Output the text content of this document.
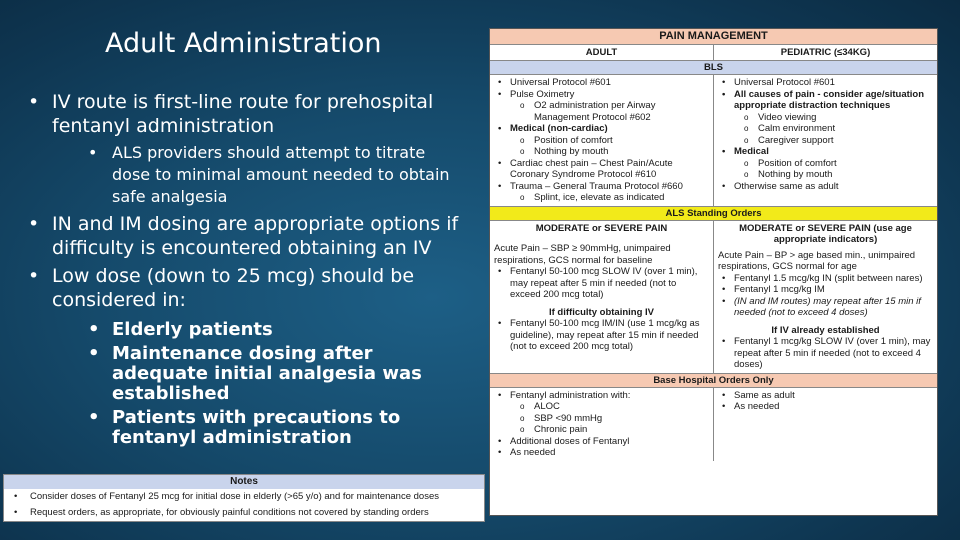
Adult Administration
• IV route is first-line route for prehospital fentanyl administration
• ALS providers should attempt to titrate dose to minimal amount needed to obtain safe analgesia
• IN and IM dosing are appropriate options if difficulty is encountered obtaining an IV
• Low dose (down to 25 mcg) should be considered in:
• Elderly patients
• Maintenance dosing after adequate initial analgesia was established
• Patients with precautions to fentanyl administration
Notes
• Consider doses of Fentanyl 25 mcg for initial dose in elderly (>65 y/o) and for maintenance doses
• Request orders, as appropriate, for obviously painful conditions not covered by standing orders
PAIN MANAGEMENT
ADULT	PEDIATRIC (≤34KG)
BLS
• Universal Protocol #601
• Pulse Oximetry
o O2 administration per Airway Management Protocol #602
• Medical (non-cardiac)
o Position of comfort
o Nothing by mouth
• Cardiac chest pain – Chest Pain/Acute Coronary Syndrome Protocol #610
• Trauma – General Trauma Protocol #660
o Splint, ice, elevate as indicated
• Universal Protocol #601
• All causes of pain - consider age/situation appropriate distraction techniques
o Video viewing
o Calm environment
o Caregiver support
• Medical
o Position of comfort
o Nothing by mouth
• Otherwise same as adult
ALS Standing Orders
MODERATE or SEVERE PAIN
Acute Pain – SBP ≥ 90mmHg, unimpaired respirations, GCS normal for baseline
• Fentanyl 50-100 mcg SLOW IV (over 1 min), may repeat after 5 min if needed (not to exceed 200 mcg total)
If difficulty obtaining IV
• Fentanyl 50-100 mcg IM/IN (use 1 mcg/kg as guideline), may repeat after 15 min if needed (not to exceed 200 mcg total)
MODERATE or SEVERE PAIN (use age appropriate indicators)
Acute Pain – BP > age based min., unimpaired respirations, GCS normal for age
• Fentanyl 1.5 mcg/kg IN (split between nares)
• Fentanyl 1 mcg/kg IM
• (IN and IM routes) may repeat after 15 min if needed (not to exceed 4 doses)
If IV already established
• Fentanyl 1 mcg/kg SLOW IV (over 1 min), may repeat after 5 min if needed (not to exceed 4 doses)
Base Hospital Orders Only
• Fentanyl administration with:
o ALOC
o SBP <90 mmHg
o Chronic pain
• Additional doses of Fentanyl
• As needed
• Same as adult
• As needed
